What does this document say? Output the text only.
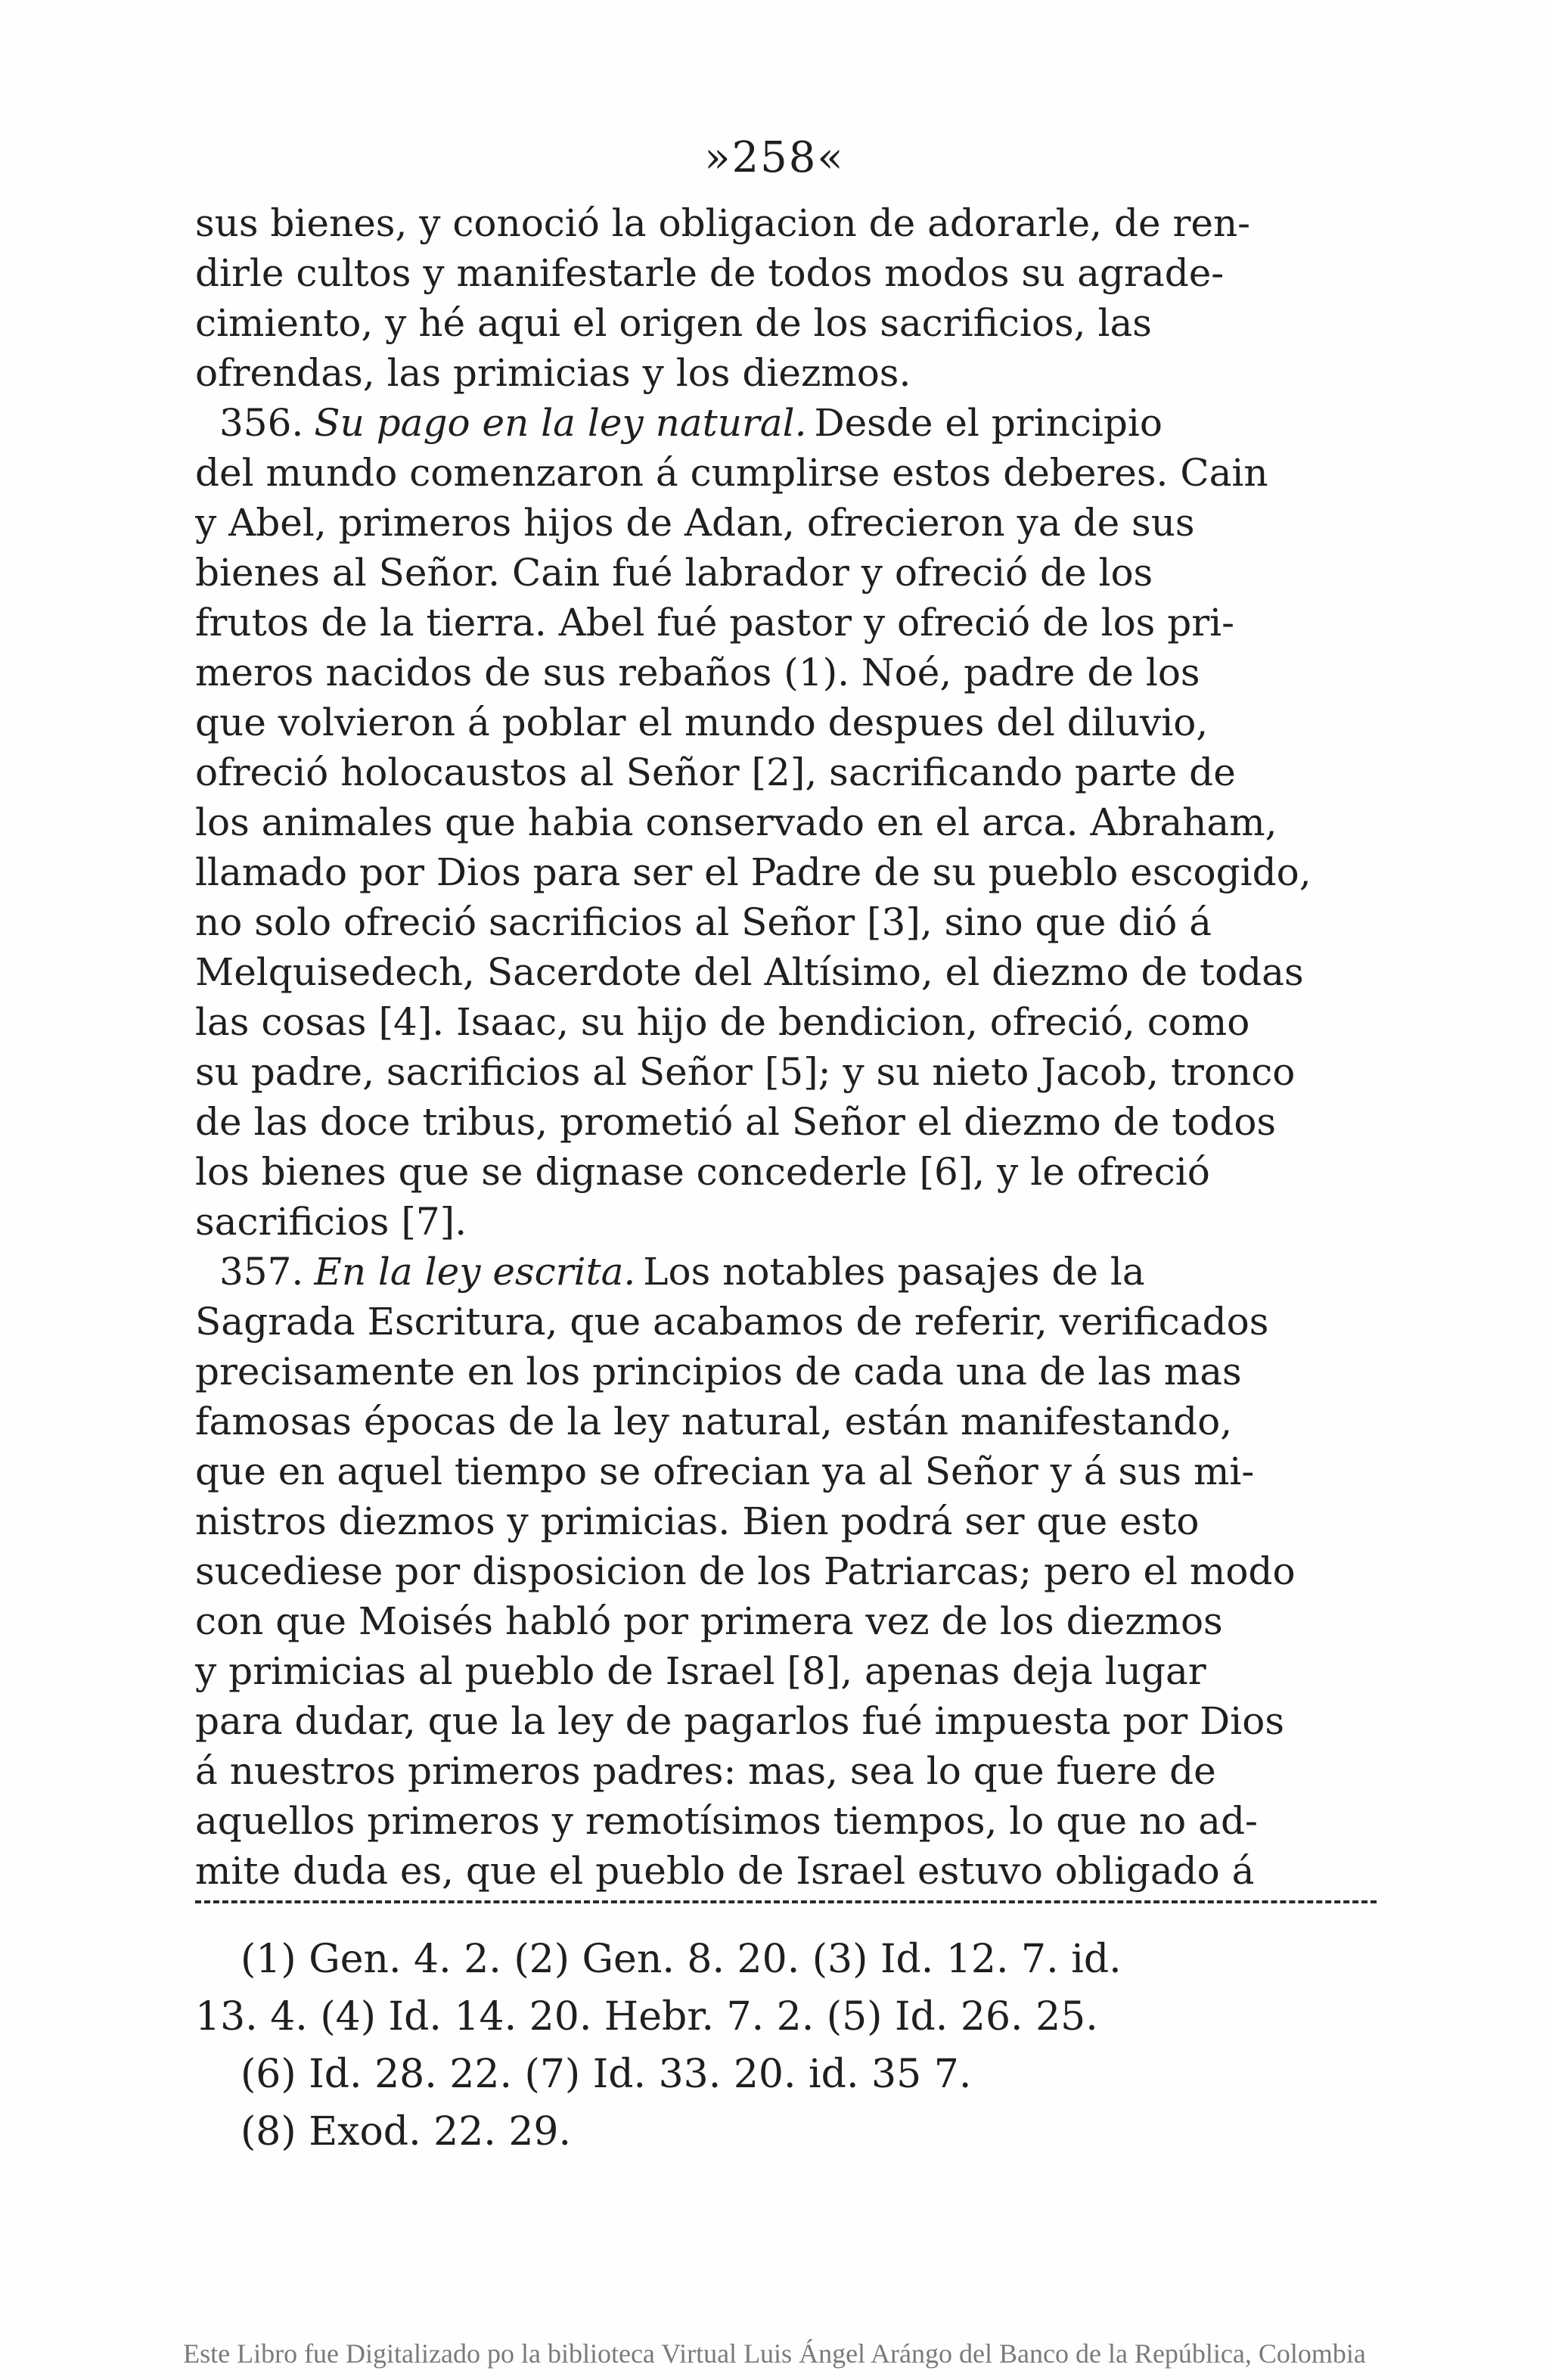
»258«
sus bienes, y conoció la obligacion de adorarle, de ren-
dirle cultos y manifestarle de todos modos su agrade-
cimiento, y hé aqui el origen de los sacrificios, las
ofrendas, las primicias y los diezmos.
356. Su pago en la ley natural. Desde el principio
del mundo comenzaron á cumplirse estos deberes. Cain
y Abel, primeros hijos de Adan, ofrecieron ya de sus
bienes al Señor. Cain fué labrador y ofreció de los
frutos de la tierra. Abel fué pastor y ofreció de los pri-
meros nacidos de sus rebaños (1). Noé, padre de los
que volvieron á poblar el mundo despues del diluvio,
ofreció holocaustos al Señor [2], sacrificando parte de
los animales que habia conservado en el arca. Abraham,
llamado por Dios para ser el Padre de su pueblo escogido,
no solo ofreció sacrificios al Señor [3], sino que dió á
Melquisedech, Sacerdote del Altísimo, el diezmo de todas
las cosas [4]. Isaac, su hijo de bendicion, ofreció, como
su padre, sacrificios al Señor [5]; y su nieto Jacob, tronco
de las doce tribus, prometió al Señor el diezmo de todos
los bienes que se dignase concederle [6], y le ofreció
sacrificios [7].
357. En la ley escrita. Los notables pasajes de la
Sagrada Escritura, que acabamos de referir, verificados
precisamente en los principios de cada una de las mas
famosas épocas de la ley natural, están manifestando,
que en aquel tiempo se ofrecian ya al Señor y á sus mi-
nistros diezmos y primicias. Bien podrá ser que esto
sucediese por disposicion de los Patriarcas; pero el modo
con que Moisés habló por primera vez de los diezmos
y primicias al pueblo de Israel [8], apenas deja lugar
para dudar, que la ley de pagarlos fué impuesta por Dios
á nuestros primeros padres: mas, sea lo que fuere de
aquellos primeros y remotísimos tiempos, lo que no ad-
mite duda es, que el pueblo de Israel estuvo obligado á
(1) Gen. 4. 2. (2) Gen. 8. 20. (3) Id. 12. 7. id.
13. 4. (4) Id. 14. 20. Hebr. 7. 2. (5) Id. 26. 25.
(6) Id. 28. 22. (7) Id. 33. 20. id. 35 7.
(8) Exod. 22. 29.
Este Libro fue Digitalizado po la biblioteca Virtual Luis Ángel Arángo del Banco de la República, Colombia
